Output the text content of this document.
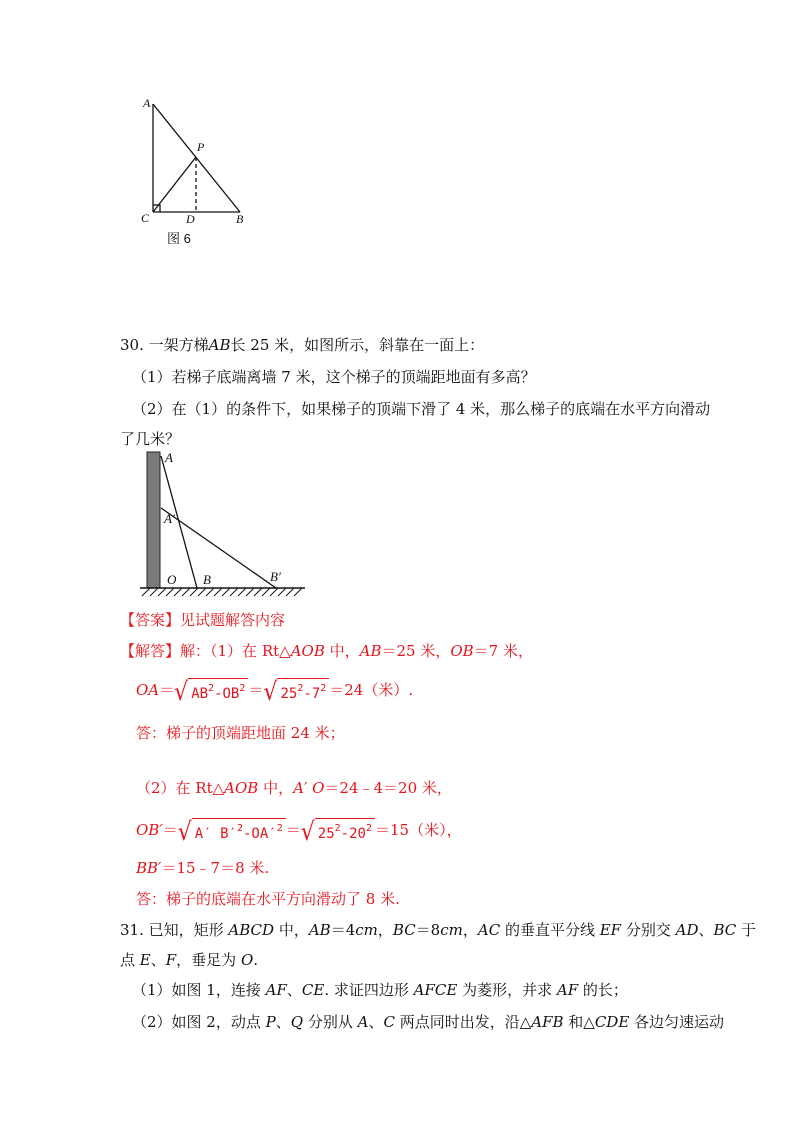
A
P
C	D	B
图 6
30. 一架方梯AB长 25 米，如图所示，斜靠在一面上：
（1）若梯子底端离墙 7 米，这个梯子的顶端距地面有多高？
（2）在（1）的条件下，如果梯子的顶端下滑了 4 米，那么梯子的底端在水平方向滑动
了几米？
A
A′
O B	B′
【答案】见试题解答内容
【解答】解：（1）在 Rt△AOB 中，AB＝25 米，OB＝7 米，
OA＝ √ $AB^2-OB^2$ ＝ √ $25^2-7^2 =24$（米）.
答：梯子的顶端距地面 24 米；
（2）在 Rt△AOB 中，A′ O＝24﹣4＝20 米，
OB′＝ √ A′ $B'^2-OA'^2$ ＝ √ $25^2-20^2 =15$（米），
BB′＝15﹣7＝8 米.
答：梯子的底端在水平方向滑动了 8 米.
31. 已知，矩形 ABCD 中，AB＝4cm，BC＝8cm，AC 的垂直平分线 EF 分别交 AD、BC 于
点 E、F，垂足为 O.
（1）如图 1，连接 AF、CE. 求证四边形 AFCE 为菱形，并求 AF 的长；
（2）如图 2，动点 P、Q 分别从 A、C 两点同时出发，沿△AFB 和△CDE 各边匀速运动
